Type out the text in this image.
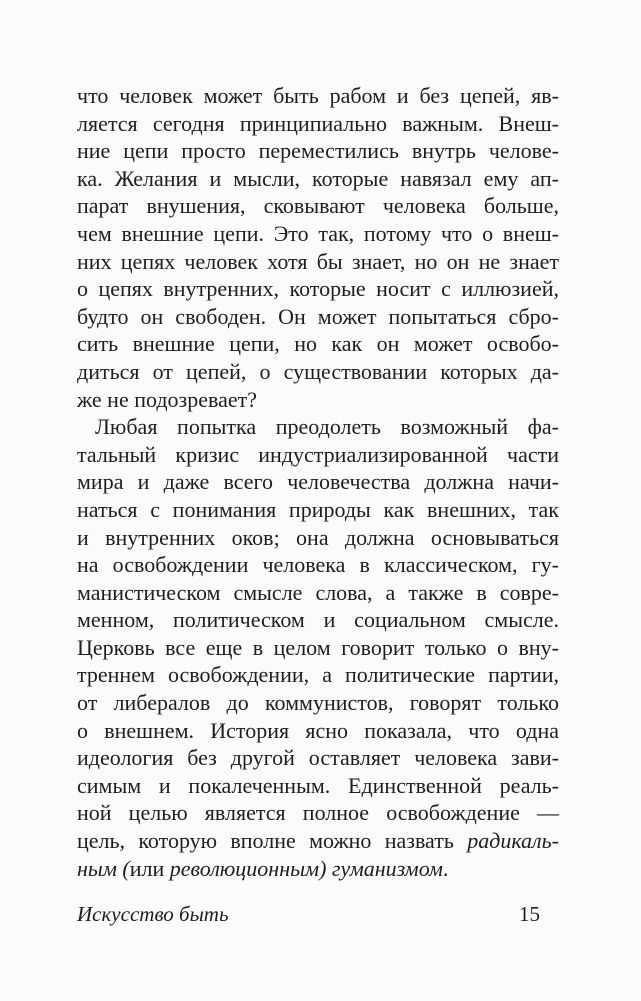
что человек может быть рабом и без цепей, яв-
ляется сегодня принципиально важным. Внеш-
ние цепи просто переместились внутрь челове-
ка. Желания и мысли, которые навязал ему ап-
парат внушения, сковывают человека больше,
чем внешние цепи. Это так, потому что о внеш-
них цепях человек хотя бы знает, но он не знает
о цепях внутренних, которые носит с иллюзией,
будто он свободен. Он может попытаться сбро-
сить внешние цепи, но как он может освобо-
диться от цепей, о существовании которых да-
же не подозревает?
Любая попытка преодолеть возможный фа-
тальный кризис индустриализированной части
мира и даже всего человечества должна начи-
наться с понимания природы как внешних, так
и внутренних оков; она должна основываться
на освобождении человека в классическом, гу-
манистическом смысле слова, а также в совре-
менном, политическом и социальном смысле.
Церковь все еще в целом говорит только о вну-
треннем освобождении, а политические партии,
от либералов до коммунистов, говорят только
о внешнем. История ясно показала, что одна
идеология без другой оставляет человека зави-
симым и покалеченным. Единственной реаль-
ной целью является полное освобождение —
цель, которую вполне можно назвать радикаль-
ным (или революционным) гуманизмом.
Искусство быть	15
